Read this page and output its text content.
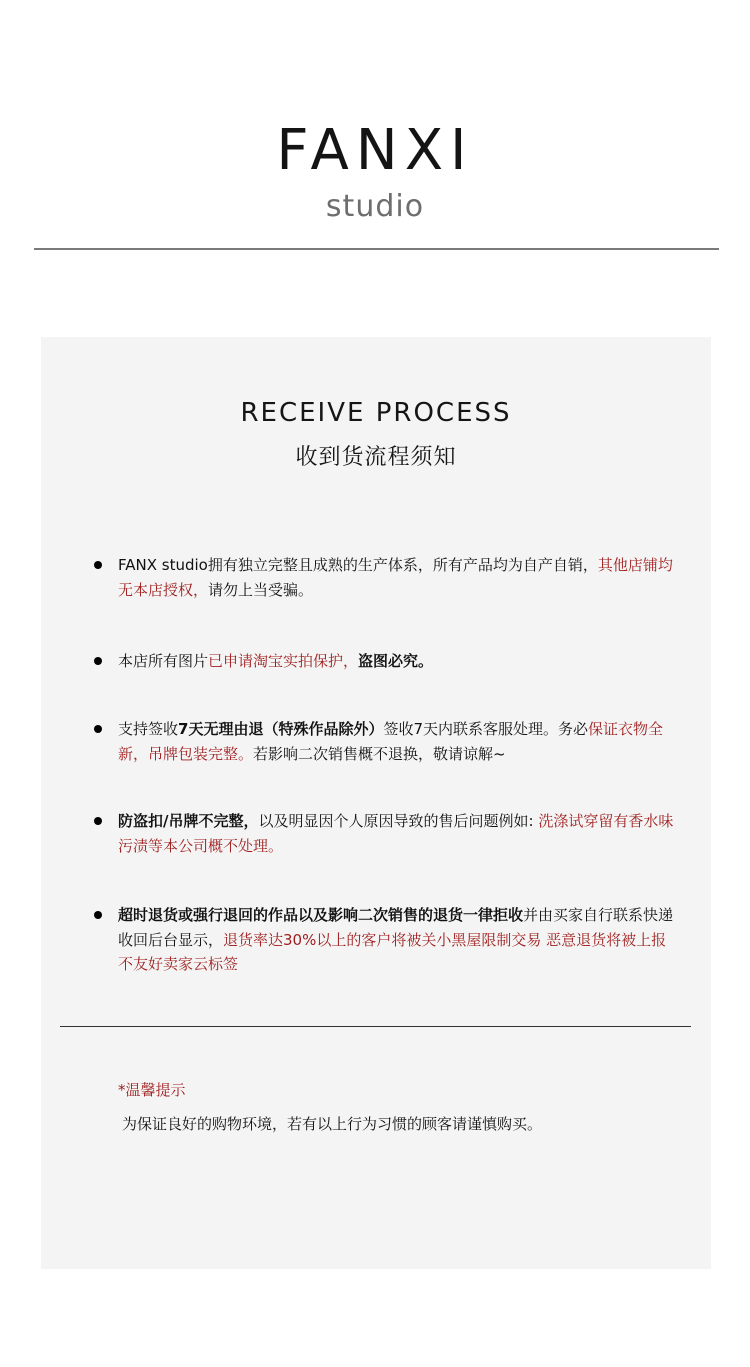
FANXI
studio
RECEIVE PROCESS
收到货流程须知
FANX studio拥有独立完整且成熟的生产体系，所有产品均为自产自销，其他店铺均无本店授权，请勿上当受骗。
本店所有图片已申请淘宝实拍保护，盗图必究。
支持签收7天无理由退（特殊作品除外）签收7天内联系客服处理。务必保证衣物全新，吊牌包装完整。若影响二次销售概不退换，敬请谅解~
防盗扣/吊牌不完整，以及明显因个人原因导致的售后问题例如: 洗涤试穿留有香水味污渍等本公司概不处理。
超时退货或强行退回的作品以及影响二次销售的退货一律拒收并由买家自行联系快递收回后台显示，退货率达30%以上的客户将被关小黑屋限制交易 恶意退货将被上报不友好卖家云标签
*温馨提示
为保证良好的购物环境，若有以上行为习惯的顾客请谨慎购买。
